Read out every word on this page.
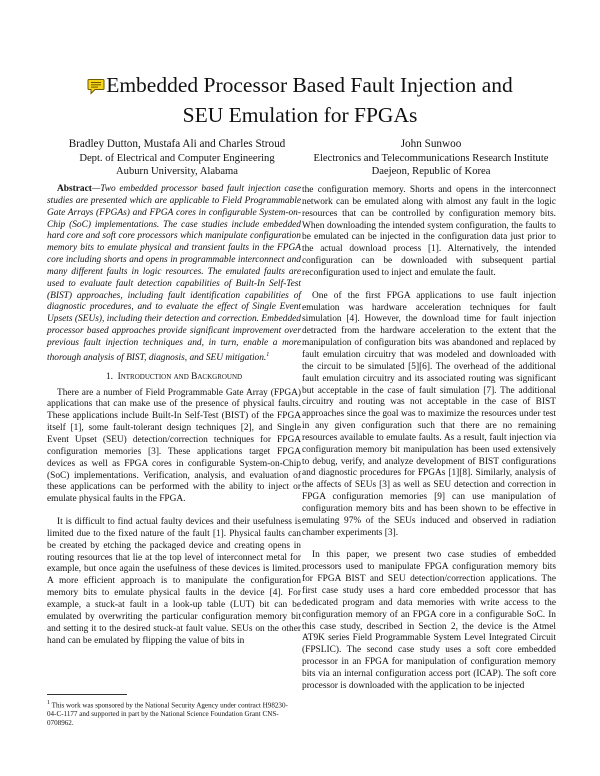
Embedded Processor Based Fault Injection and
SEU Emulation for FPGAs
Bradley Dutton, Mustafa Ali and Charles Stroud
Dept. of Electrical and Computer Engineering
Auburn University, Alabama
John Sunwoo
Electronics and Telecommunications Research Institute
Daejeon, Republic of Korea

Abstract—Two embedded processor based fault injection case studies are presented which are applicable to Field Programmable Gate Arrays (FPGAs) and FPGA cores in configurable System-on-Chip (SoC) implementations. The case studies include embedded hard core and soft core processors which manipulate configuration memory bits to emulate physical and transient faults in the FPGA core including shorts and opens in programmable interconnect and many different faults in logic resources. The emulated faults are used to evaluate fault detection capabilities of Built-In Self-Test (BIST) approaches, including fault identification capabilities of diagnostic procedures, and to evaluate the effect of Single Event Upsets (SEUs), including their detection and correction. Embedded processor based approaches provide significant improvement over previous fault injection techniques and, in turn, enable a more thorough analysis of BIST, diagnosis, and SEU mitigation.$^1$

1. Introduction and Background

There are a number of Field Programmable Gate Array (FPGA) applications that can make use of the presence of physical faults. These applications include Built-In Self-Test (BIST) of the FPGA itself [1], some fault-tolerant design techniques [2], and Single Event Upset (SEU) detection/correction techniques for FPGA configuration memories [3]. These applications target FPGA devices as well as FPGA cores in configurable System-on-Chip (SoC) implementations. Verification, analysis, and evaluation of these applications can be performed with the ability to inject or emulate physical faults in the FPGA.

It is difficult to find actual faulty devices and their usefulness is limited due to the fixed nature of the fault [1]. Physical faults can be created by etching the packaged device and creating opens in routing resources that lie at the top level of interconnect metal for example, but once again the usefulness of these devices is limited. A more efficient approach is to manipulate the configuration memory bits to emulate physical faults in the device [4]. For example, a stuck-at fault in a look-up table (LUT) bit can be emulated by overwriting the particular configuration memory bit and setting it to the desired stuck-at fault value. SEUs on the other hand can be emulated by flipping the value of bits in

the configuration memory. Shorts and opens in the interconnect network can be emulated along with almost any fault in the logic resources that can be controlled by configuration memory bits. When downloading the intended system configuration, the faults to be emulated can be injected in the configuration data just prior to the actual download process [1]. Alternatively, the intended configuration can be downloaded with subsequent partial reconfiguration used to inject and emulate the fault.

One of the first FPGA applications to use fault injection emulation was hardware acceleration techniques for fault simulation [4]. However, the download time for fault injection detracted from the hardware acceleration to the extent that the manipulation of configuration bits was abandoned and replaced by fault emulation circuitry that was modeled and downloaded with the circuit to be simulated [5][6]. The overhead of the additional fault emulation circuitry and its associated routing was significant but acceptable in the case of fault simulation [7]. The additional circuitry and routing was not acceptable in the case of BIST approaches since the goal was to maximize the resources under test in any given configuration such that there are no remaining resources available to emulate faults. As a result, fault injection via configuration memory bit manipulation has been used extensively to debug, verify, and analyze development of BIST configurations and diagnostic procedures for FPGAs [1][8]. Similarly, analysis of the affects of SEUs [3] as well as SEU detection and correction in FPGA configuration memories [9] can use manipulation of configuration memory bits and has been shown to be effective in emulating 97% of the SEUs induced and observed in radiation chamber experiments [3].

In this paper, we present two case studies of embedded processors used to manipulate FPGA configuration memory bits for FPGA BIST and SEU detection/correction applications. The first case study uses a hard core embedded processor that has dedicated program and data memories with write access to the configuration memory of an FPGA core in a configurable SoC. In this case study, described in Section 2, the device is the Atmel AT9K series Field Programmable System Level Integrated Circuit (FPSLIC). The second case study uses a soft core embedded processor in an FPGA for manipulation of configuration memory bits via an internal configuration access port (ICAP). The soft core processor is downloaded with the application to be injected

$^1$ This work was sponsored by the National Security Agency under contract H98230-04-C-1177 and supported in part by the National Science Foundation Grant CNS-0708962.
